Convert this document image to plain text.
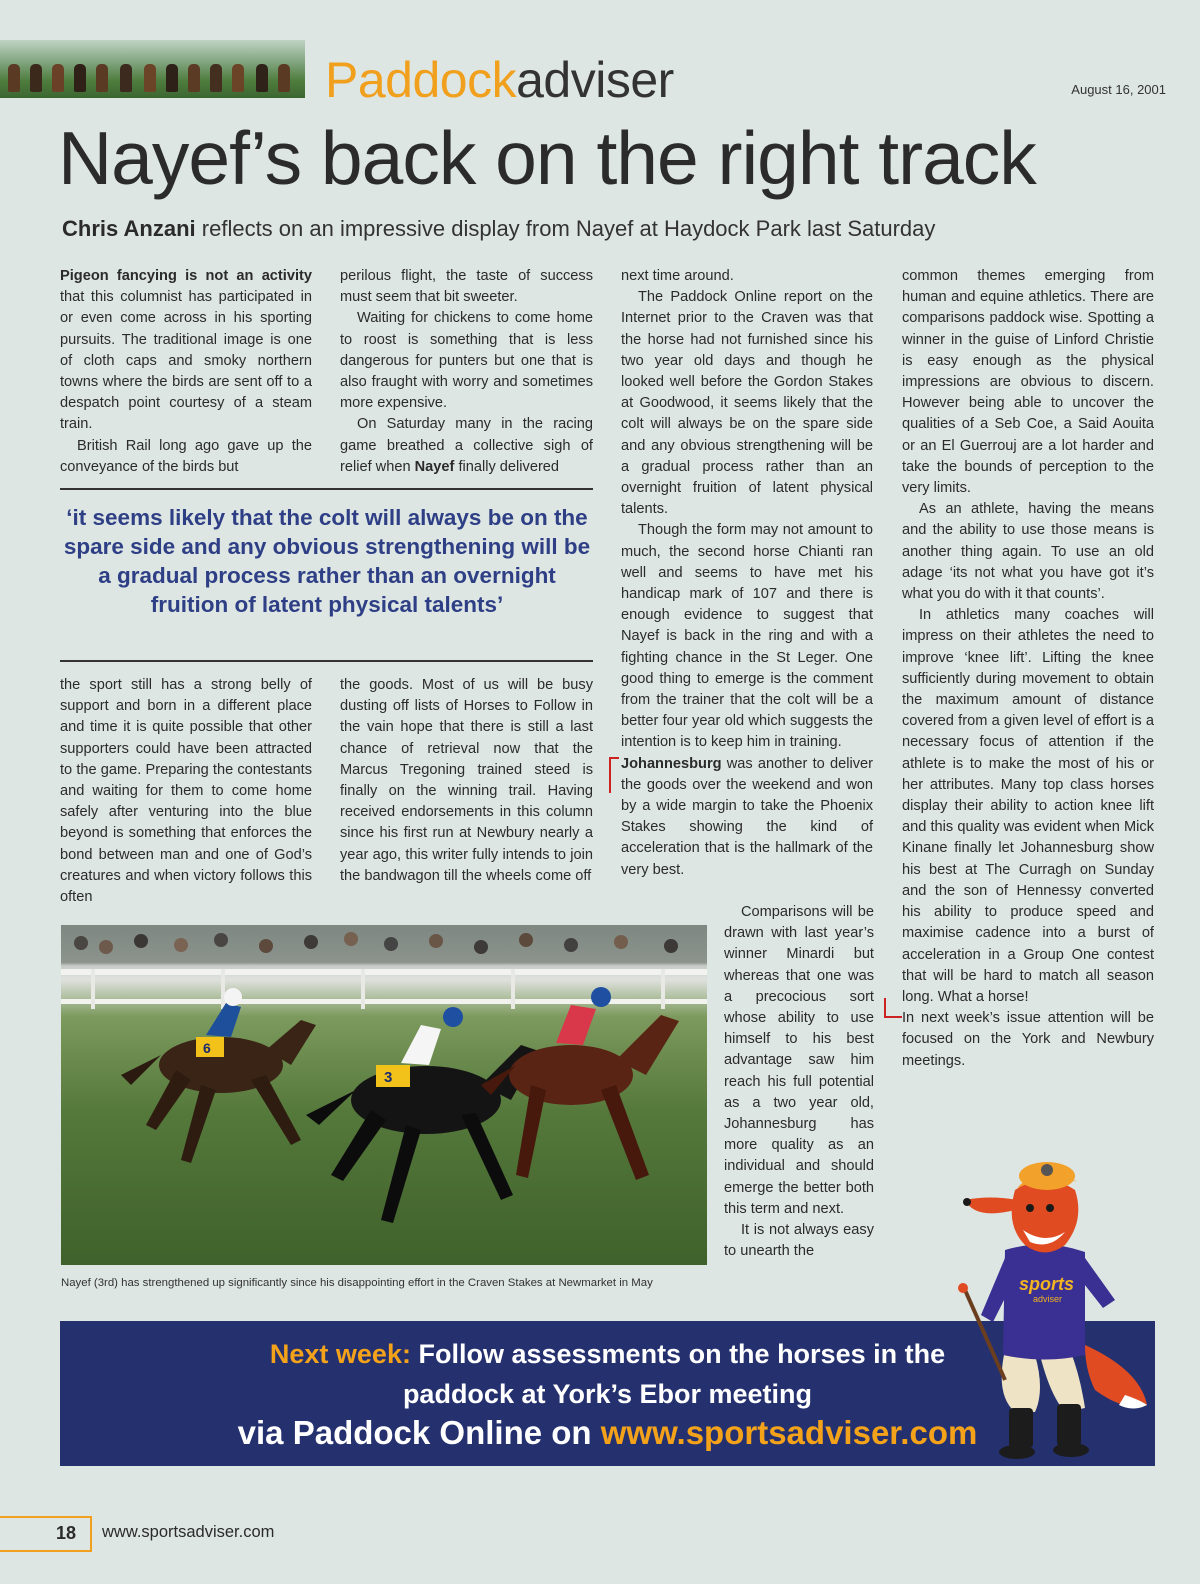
Paddockadviser	August 16, 2001
Nayef’s back on the right track
Chris Anzani reflects on an impressive display from Nayef at Haydock Park last Saturday

Pigeon fancying is not an activity that this columnist has participated in or even come across in his sporting pursuits. The traditional image is one of cloth caps and smoky northern towns where the birds are sent off to a despatch point courtesy of a steam train.

British Rail long ago gave up the conveyance of the birds but

perilous flight, the taste of success must seem that bit sweeter.

Waiting for chickens to come home to roost is something that is less dangerous for punters but one that is also fraught with worry and sometimes more expensive.

On Saturday many in the racing game breathed a collective sigh of relief when Nayef finally delivered

‘it seems likely that the colt will always be on the spare side and any obvious strengthening will be a gradual process rather than an overnight fruition of latent physical talents’

the sport still has a strong belly of support and born in a different place and time it is quite possible that other supporters could have been attracted to the game. Preparing the contestants and waiting for them to come home safely after venturing into the blue beyond is something that enforces the bond between man and one of God’s creatures and when victory follows this often

the goods. Most of us will be busy dusting off lists of Horses to Follow in the vain hope that there is still a last chance of retrieval now that the Marcus Tregoning trained steed is finally on the winning trail. Having received endorsements in this column since his first run at Newbury nearly a year ago, this writer fully intends to join the bandwagon till the wheels come off

next time around.

The Paddock Online report on the Internet prior to the Craven was that the horse had not furnished since his two year old days and though he looked well before the Gordon Stakes at Goodwood, it seems likely that the colt will always be on the spare side and any obvious strengthening will be a gradual process rather than an overnight fruition of latent physical talents.

Though the form may not amount to much, the second horse Chianti ran well and seems to have met his handicap mark of 107 and there is enough evidence to suggest that Nayef is back in the ring and with a fighting chance in the St Leger. One good thing to emerge is the comment from the trainer that the colt will be a better four year old which suggests the intention is to keep him in training.

Johannesburg was another to deliver the goods over the weekend and won by a wide margin to take the Phoenix Stakes showing the kind of acceleration that is the hallmark of the very best.

Comparisons will be drawn with last year’s winner Minardi but whereas that one was a precocious sort whose ability to use himself to his best advantage saw him reach his full potential as a two year old, Johannesburg has more quality as an individual and should emerge the better both this term and next.

It is not always easy to unearth the

common themes emerging from human and equine athletics. There are comparisons paddock wise. Spotting a winner in the guise of Linford Christie is easy enough as the physical impressions are obvious to discern. However being able to uncover the qualities of a Seb Coe, a Said Aouita or an El Guerrouj are a lot harder and take the bounds of perception to the very limits.

As an athlete, having the means and the ability to use those means is another thing again. To use an old adage ‘its not what you have got it’s what you do with it that counts’.

In athletics many coaches will impress on their athletes the need to improve ‘knee lift’. Lifting the knee sufficiently during movement to obtain the maximum amount of distance covered from a given level of effort is a necessary focus of attention if the athlete is to make the most of his or her attributes. Many top class horses display their ability to action knee lift and this quality was evident when Mick Kinane finally let Johannesburg show his best at The Curragh on Sunday and the son of Hennessy converted his ability to produce speed and maximise cadence into a burst of acceleration in a Group One contest that will be hard to match all season long. What a horse!

In next week’s issue attention will be focused on the York and Newbury meetings.

6
3
Nayef (3rd) has strengthened up significantly since his disappointing effort in the Craven Stakes at Newmarket in May
Next week: Follow assessments on the horses in the
paddock at York’s Ebor meeting
via Paddock Online on www.sportsadviser.com
sports
adviser
18	www.sportsadviser.com
